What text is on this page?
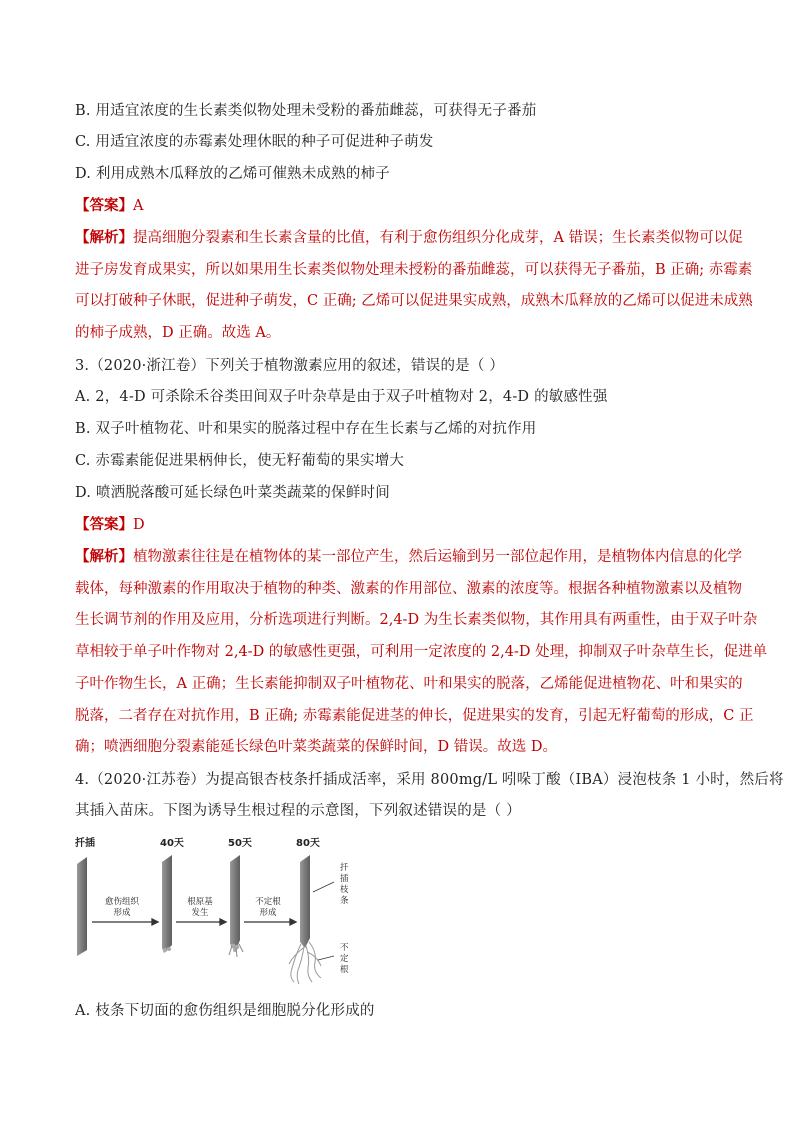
B. 用适宜浓度的生长素类似物处理未受粉的番茄雌蕊，可获得无子番茄
C. 用适宜浓度的赤霉素处理休眠的种子可促进种子萌发
D. 利用成熟木瓜释放的乙烯可催熟未成熟的柿子
【答案】A
【解析】提高细胞分裂素和生长素含量的比值，有利于愈伤组织分化成芽，A 错误；生长素类似物可以促
进子房发育成果实，所以如果用生长素类似物处理未授粉的番茄雌蕊，可以获得无子番茄，B 正确; 赤霉素
可以打破种子休眠，促进种子萌发，C 正确; 乙烯可以促进果实成熟，成熟木瓜释放的乙烯可以促进未成熟
的柿子成熟，D 正确。故选 A。
3.（2020·浙江卷）下列关于植物激素应用的叙述，错误的是（ ）
A. 2，4-D 可杀除禾谷类田间双子叶杂草是由于双子叶植物对 2，4-D 的敏感性强
B. 双子叶植物花、叶和果实的脱落过程中存在生长素与乙烯的对抗作用
C. 赤霉素能促进果柄伸长，使无籽葡萄的果实增大
D. 喷洒脱落酸可延长绿色叶菜类蔬菜的保鲜时间
【答案】D
【解析】植物激素往往是在植物体的某一部位产生，然后运输到另一部位起作用，是植物体内信息的化学
载体，每种激素的作用取决于植物的种类、激素的作用部位、激素的浓度等。根据各种植物激素以及植物
生长调节剂的作用及应用，分析选项进行判断。2,4-D 为生长素类似物，其作用具有两重性，由于双子叶杂
草相较于单子叶作物对 2,4-D 的敏感性更强，可利用一定浓度的 2,4-D 处理，抑制双子叶杂草生长，促进单
子叶作物生长，A 正确；生长素能抑制双子叶植物花、叶和果实的脱落，乙烯能促进植物花、叶和果实的
脱落，二者存在对抗作用，B 正确; 赤霉素能促进茎的伸长，促进果实的发育，引起无籽葡萄的形成，C 正
确；喷洒细胞分裂素能延长绿色叶菜类蔬菜的保鲜时间，D 错误。故选 D。
4.（2020·江苏卷）为提高银杏枝条扦插成活率，采用 800mg/L 吲哚丁酸（IBA）浸泡枝条 1 小时，然后将
其插入苗床。下图为诱导生根过程的示意图，下列叙述错误的是（ ）
扦插	40天	50天	80天
愈伤组织
形成
根原基
发生
不定根
形成
扦
插
枝
条
不
定
根
A. 枝条下切面的愈伤组织是细胞脱分化形成的
